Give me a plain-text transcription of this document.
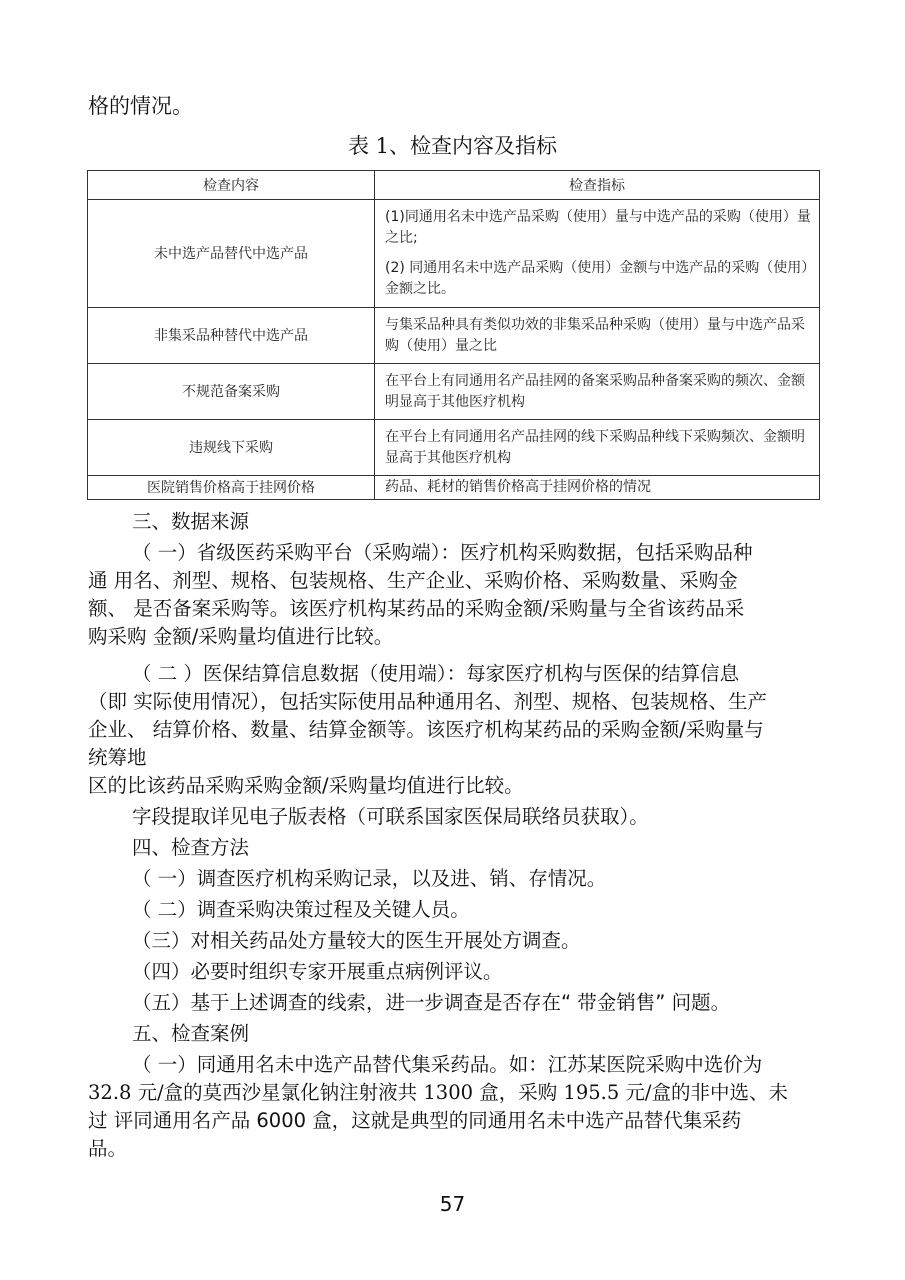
格的情况。

表 1、检查内容及指标

检查内容	检查指标
未中选产品替代中选产品	(1)同通用名未中选产品采购（使用）量与中选产品的采购（使用）量之比;

(2) 同通用名未中选产品采购（使用）金额与中选产品的采购（使用）金额之比。

非集采品种替代中选产品	与集采品种具有类似功效的非集采品种采购（使用）量与中选产品采购（使用）量之比

不规范备案采购	在平台上有同通用名产品挂网的备案采购品种备案采购的频次、金额明显高于其他医疗机构

违规线下采购	在平台上有同通用名产品挂网的线下采购品种线下采购频次、金额明显高于其他医疗机构

医院销售价格高于挂网价格	药品、耗材的销售价格高于挂网价格的情况

三、数据来源

（ 一）省级医药采购平台（采购端）：医疗机构采购数据，包括采购品种

通 用名、剂型、规格、包装规格、生产企业、采购价格、采购数量、采购金

额、 是否备案采购等。该医疗机构某药品的采购金额/采购量与全省该药品采

购采购 金额/采购量均值进行比较。

（ 二 ）医保结算信息数据（使用端）：每家医疗机构与医保的结算信息

（即 实际使用情况），包括实际使用品种通用名、剂型、规格、包装规格、生产

企业、 结算价格、数量、结算金额等。该医疗机构某药品的采购金额/采购量与

统筹地

区的比该药品采购采购金额/采购量均值进行比较。

字段提取详见电子版表格（可联系国家医保局联络员获取）。

四、检查方法

（ 一）调查医疗机构采购记录，以及进、销、存情况。

（ 二）调查采购决策过程及关键人员。

（三）对相关药品处方量较大的医生开展处方调查。

（四）必要时组织专家开展重点病例评议。

（五）基于上述调查的线索，进一步调查是否存在“ 带金销售” 问题。

五、检查案例

（ 一）同通用名未中选产品替代集采药品。如：江苏某医院采购中选价为

32.8 元/盒的莫西沙星氯化钠注射液共 1300 盒，采购 195.5 元/盒的非中选、未

过 评同通用名产品 6000 盒，这就是典型的同通用名未中选产品替代集采药

品。

57
